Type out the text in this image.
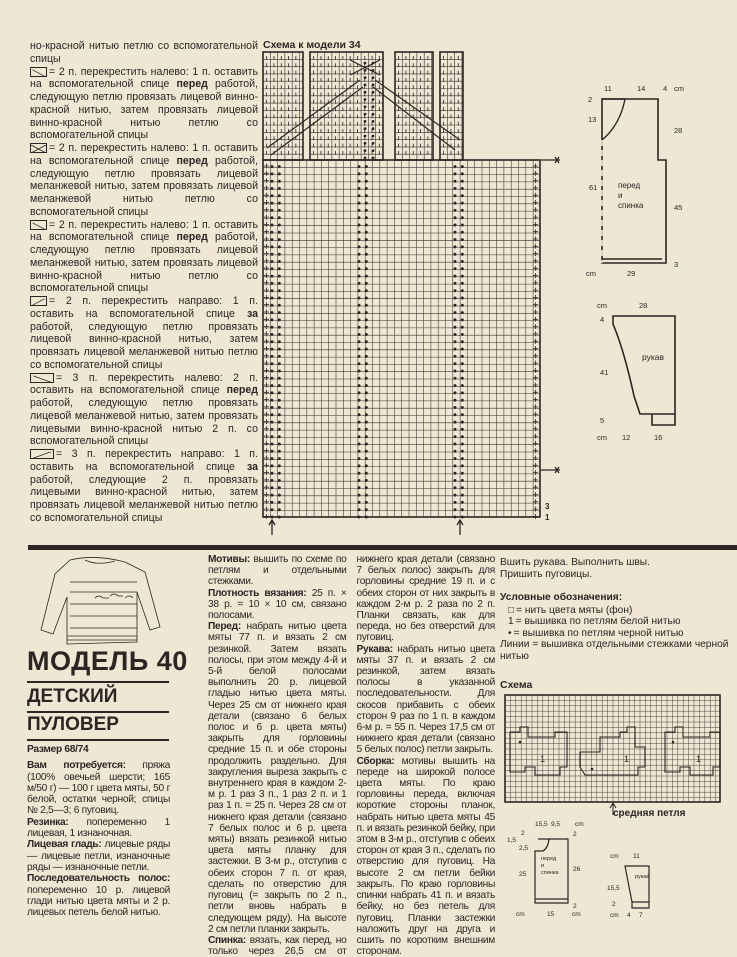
но-красной нитью петлю со вспомогательной спицы

= 2 п. перекрестить налево: 1 п. оставить на вспомогательной спице перед работой, следующую петлю провязать лицевой винно-красной нитью, затем провязать лицевой винно-красной нитью петлю со вспомогательной спицы

= 2 п. перекрестить налево: 1 п. оставить на вспомогательной спице перед работой, следующую петлю провязать лицевой меланжевой нитью, затем провязать лицевой меланжевой нитью петлю со вспомогательной спицы

= 2 п. перекрестить налево: 1 п. оставить на вспомогательной спице перед работой, следующую петлю провязать лицевой меланжевой нитью, затем провязать лицевой винно-красной нитью петлю со вспомогательной спицы

= 2 п. перекрестить направо: 1 п. оставить на вспомогательной спице за работой, следующую петлю провязать лицевой винно-красной нитью, затем провязать лицевой меланжевой нитью петлю со вспомогательной спицы

= 3 п. перекрестить налево: 2 п. оставить на вспомогательной спице перед работой, следующую петлю провязать лицевой меланжевой нитью, затем провязать лицевыми винно-красной нитью 2 п. со вспомогательной спицы

= 3 п. перекрестить направо: 1 п. оставить на вспомогательной спице за работой, следующие 2 п. провязать лицевыми винно-красной нитью, затем провязать лицевой меланжевой нитью петлю со вспомогательной спицы

Схема к модели 34
3
1
11	14 4 cm
2
13
61
28
45
3
перед
и
спинка
cm	29
cm	28
4
41
5
рукав
cm 12	16
МОДЕЛЬ 40
ДЕТСКИЙ
ПУЛОВЕР

Размер 68/74

Вам потребуется: пряжа (100% овечьей шерсти; 165 м/50 г) — 100 г цвета мяты, 50 г белой, остатки черной; спицы № 2,5—3; 6 пуговиц.

Резинка: попеременно 1 лицевая, 1 изнаночная.

Лицевая гладь: лицевые ряды — лицевые петли, изнаночные ряды — изнаночные петли.

Последовательность полос: попеременно 10 р. лицевой глади нитью цвета мяты и 2 р. лицевых петель белой нитью.

Мотивы: вышить по схеме по петлям и отдельными стежками.

Плотность вязания: 25 п. × 38 р. = 10 × 10 см, связано полосами.

Перед: набрать нитью цвета мяты 77 п. и вязать 2 см резинкой. Затем вязать полосы, при этом между 4-й и 5-й белой полосами выполнить 20 р. лицевой гладью нитью цвета мяты. Через 25 см от нижнего края детали (связано 6 белых полос и 6 р. цвета мяты) закрыть для горловины средние 15 п. и обе стороны продолжить раздельно. Для закругления выреза закрыть с внутреннего края в каждом 2-м р. 1 раз 3 п., 1 раз 2 п. и 1 раз 1 п. = 25 п. Через 28 см от нижнего края детали (связано 7 белых полос и 6 р. цвета мяты) вязать резинкой нитью цвета мяты планку для застежки. В 3-м р., отступив с обеих сторон 7 п. от края, сделать по отверстию для пуговиц (= закрыть по 2 п., петли вновь набрать в следующем ряду). На высоте 2 см петли планки закрыть.

Спинка: вязать, как перед, но только через 26,5 см от нижнего края детали (связано 7 белых полос) закрыть для горловины средние 19 п. и с обеих сторон от них закрыть в каждом 2-м р. 2 раза по 2 п. Планки связать, как для переда, но без отверстий для пуговиц.

Рукава: набрать нитью цвета мяты 37 п. и вязать 2 см резинкой, затем вязать полосы в указанной последовательности. Для скосов прибавить с обеих сторон 9 раз по 1 п. в каждом 6-м р. = 55 п. Через 17,5 см от нижнего края детали (связано 5 белых полос) петли закрыть.

Сборка: мотивы вышить на переде на широкой полосе цвета мяты. По краю горловины переда, включая короткие стороны планок, набрать нитью цвета мяты 45 п. и вязать резинкой бейку, при этом в 3-м р., отступив с обеих сторон от края 3 п., сделать по отверстию для пуговиц. На высоте 2 см петли бейки закрыть. По краю горловины спинки набрать 41 п. и вязать бейку, но без петель для пуговиц. Планки застежки наложить друг на друга и сшить по коротким внешним сторонам.

Вшить рукава. Выполнить швы. Пришить пуговицы.

Условные обозначения:
□ = нить цвета мяты (фон)
1 = вышивка по петлям белой нитью
• = вышивка по петлям черной нитью
Линии = вышивка отдельными стежками черной нитью
Схема
средняя петля
1	1	1
15,5 9,5 cm
1,5
2
2,5
25
2
26
2
перед
и
спинка
cm	15	cm
cm 11
15,5
2
рукав
cm 4 7
